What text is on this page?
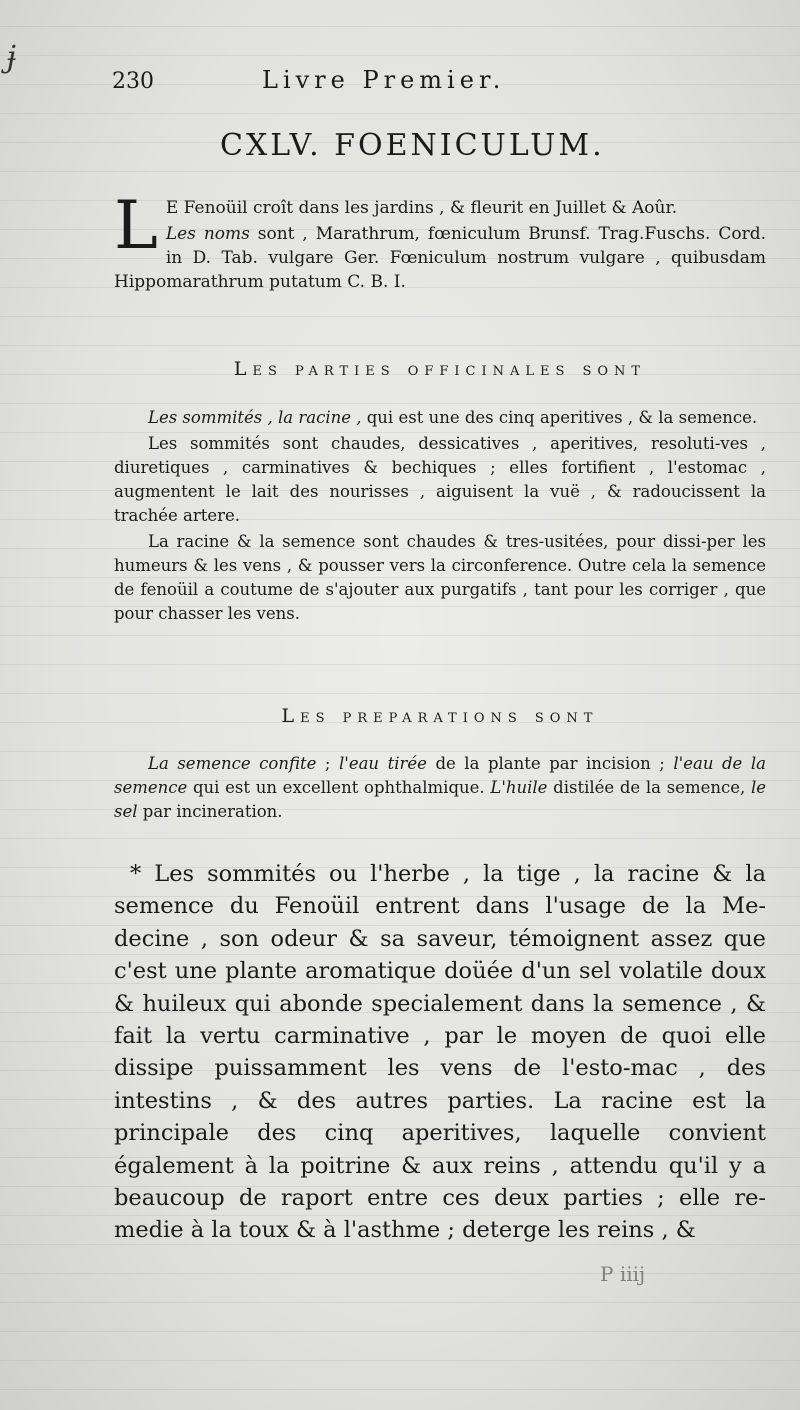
ɉ
230	Livre Premier.
CXLV. FOENICULUM.

L E Fenoüil croît dans les jardins , & fleurit en Juillet & Aoûr.

Les noms sont , Marathrum, fœniculum Brunsf. Trag.Fuschs. Cord. in D. Tab. vulgare Ger. Fœniculum nostrum vulgare , quibusdam Hippomarathrum putatum C. B. I.

Les parties officinales sont

Les sommités , la racine , qui est une des cinq aperitives , & la semence.

Les sommités sont chaudes, dessicatives , aperitives, resoluti-ves , diuretiques , carminatives & bechiques ; elles fortifient , l'estomac , augmentent le lait des nourisses , aiguisent la vuë , & radoucissent la trachée artere.

La racine & la semence sont chaudes & tres-usitées, pour dissi-per les humeurs & les vens , & pousser vers la circonference. Outre cela la semence de fenoüil a coutume de s'ajouter aux purgatifs , tant pour les corriger , que pour chasser les vens.

Les preparations sont

La semence confite ; l'eau tirée de la plante par incision ; l'eau de la semence qui est un excellent ophthalmique. L'huile distilée de la semence, le sel par incineration.

* Les sommités ou l'herbe , la tige , la racine & la semence du Fenoüil entrent dans l'usage de la Me-decine , son odeur & sa saveur, témoignent assez que c'est une plante aromatique doüée d'un sel volatile doux & huileux qui abonde specialement dans la semence , & fait la vertu carminative , par le moyen de quoi elle dissipe puissamment les vens de l'esto-mac , des intestins , & des autres parties. La racine est la principale des cinq aperitives, laquelle convient également à la poitrine & aux reins , attendu qu'il y a beaucoup de raport entre ces deux parties ; elle re-medie à la toux & à l'asthme ; deterge les reins , &

P iiij
